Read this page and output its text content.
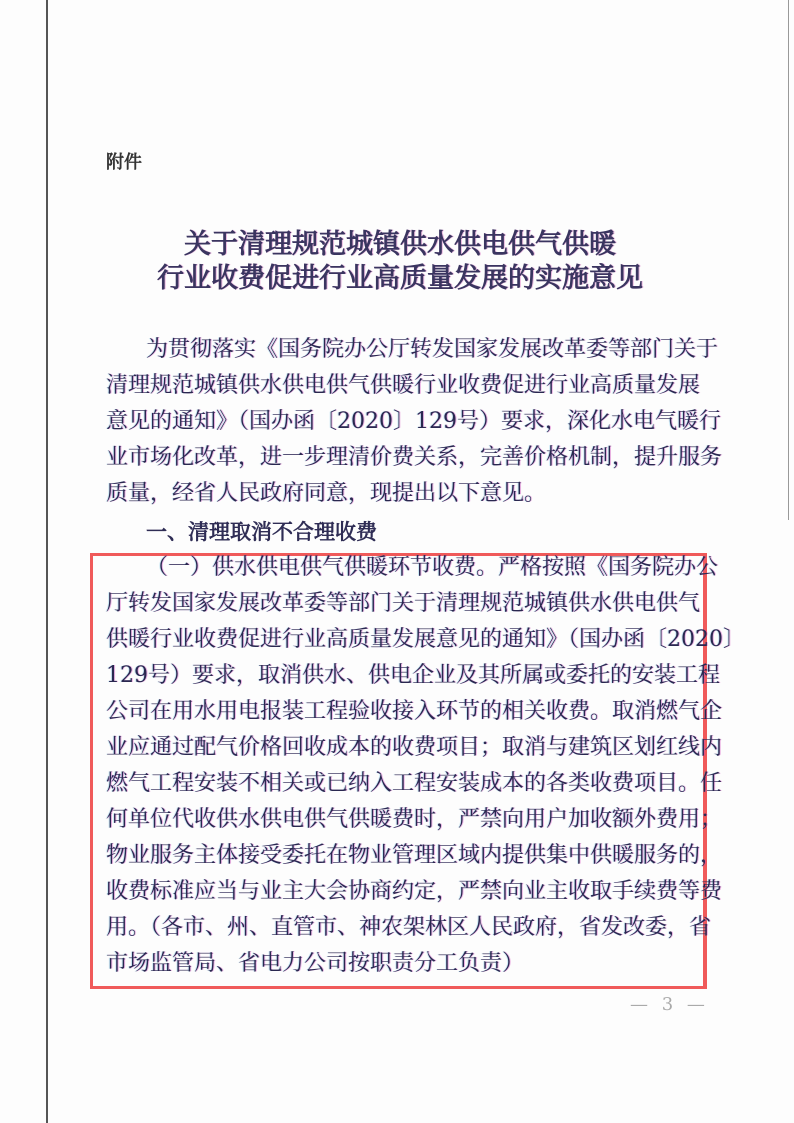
附件
关于清理规范城镇供水供电供气供暖
行业收费促进行业高质量发展的实施意见
为贯彻落实《国务院办公厅转发国家发展改革委等部门关于
清理规范城镇供水供电供气供暖行业收费促进行业高质量发展
意见的通知》（国办函〔2020〕129号）要求，深化水电气暖行
业市场化改革，进一步理清价费关系，完善价格机制，提升服务
质量，经省人民政府同意，现提出以下意见。
一、清理取消不合理收费
（一）供水供电供气供暖环节收费。严格按照《国务院办公
厅转发国家发展改革委等部门关于清理规范城镇供水供电供气
供暖行业收费促进行业高质量发展意见的通知》（国办函〔2020〕
129号）要求，取消供水、供电企业及其所属或委托的安装工程
公司在用水用电报装工程验收接入环节的相关收费。取消燃气企
业应通过配气价格回收成本的收费项目；取消与建筑区划红线内
燃气工程安装不相关或已纳入工程安装成本的各类收费项目。任
何单位代收供水供电供气供暖费时，严禁向用户加收额外费用；
物业服务主体接受委托在物业管理区域内提供集中供暖服务的，
收费标准应当与业主大会协商约定，严禁向业主收取手续费等费
用。（各市、州、直管市、神农架林区人民政府，省发改委，省
市场监管局、省电力公司按职责分工负责）
— 3 —
